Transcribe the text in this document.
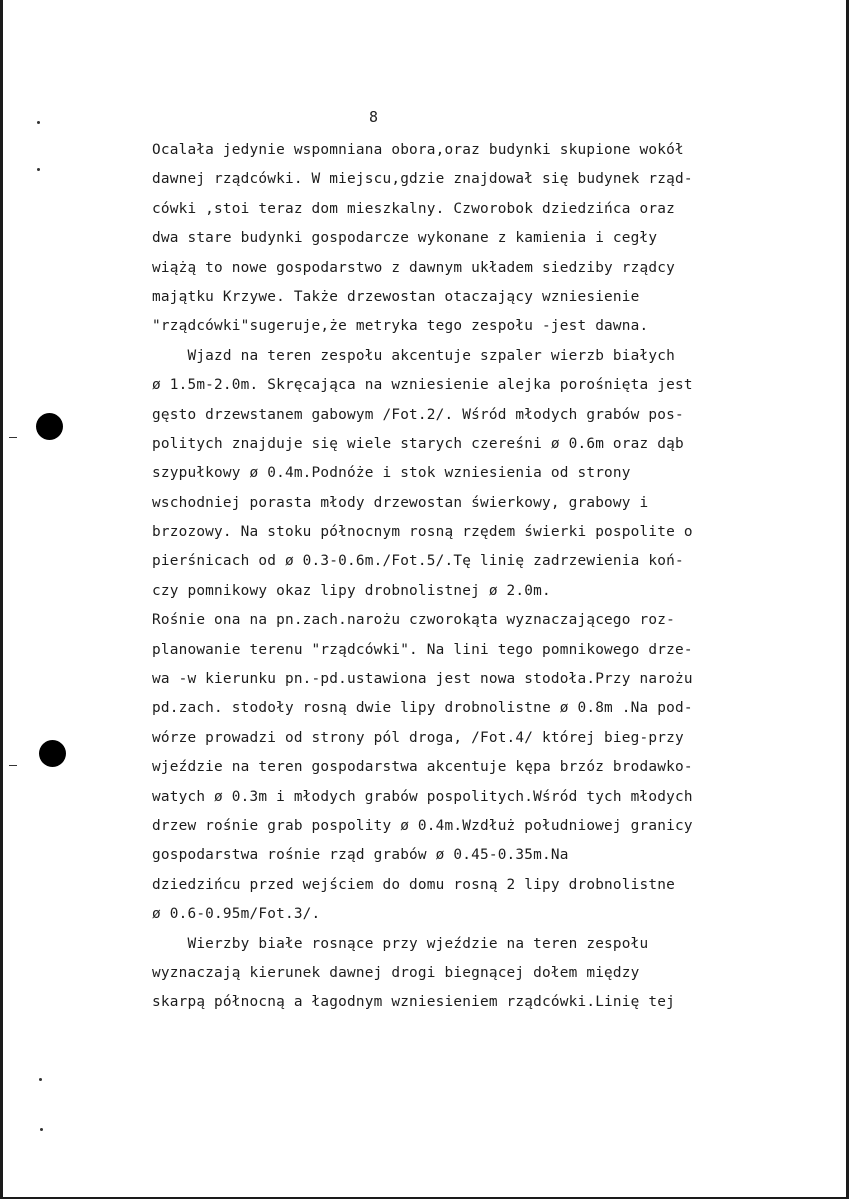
8
Ocalała jedynie wspomniana obora,oraz budynki skupione wokół
dawnej rządcówki. W miejscu,gdzie znajdował się budynek rząd-
cówki ,stoi teraz dom mieszkalny. Czworobok dziedzińca oraz
dwa stare budynki gospodarcze wykonane z kamienia i cegły
wiążą to nowe gospodarstwo z dawnym układem siedziby rządcy
majątku Krzywe. Także drzewostan otaczający wzniesienie
"rządcówki"sugeruje,że metryka tego zespołu -jest dawna.
Wjazd na teren zespołu akcentuje szpaler wierzb białych
ø 1.5m-2.0m. Skręcająca na wzniesienie alejka porośnięta jest
gęsto drzewstanem gabowym /Fot.2/. Wśród młodych grabów pos-
politych znajduje się wiele starych czereśni ø 0.6m oraz dąb
szypułkowy ø 0.4m.Podnóże i stok wzniesienia od strony
wschodniej porasta młody drzewostan świerkowy, grabowy i
brzozowy. Na stoku północnym rosną rzędem świerki pospolite o
pierśnicach od ø 0.3-0.6m./Fot.5/.Tę linię zadrzewienia koń-
czy pomnikowy okaz lipy drobnolistnej ø 2.0m.
Rośnie ona na pn.zach.narożu czworokąta wyznaczającego roz-
planowanie terenu "rządcówki". Na lini tego pomnikowego drze-
wa -w kierunku pn.-pd.ustawiona jest nowa stodoła.Przy narożu
pd.zach. stodoły rosną dwie lipy drobnolistne ø 0.8m .Na pod-
wórze prowadzi od strony pól droga, /Fot.4/ której bieg-przy
wjeździe na teren gospodarstwa akcentuje kępa brzóz brodawko-
watych ø 0.3m i młodych grabów pospolitych.Wśród tych młodych
drzew rośnie grab pospolity ø 0.4m.Wzdłuż południowej granicy
gospodarstwa rośnie rząd grabów ø 0.45-0.35m.Na
dziedzińcu przed wejściem do domu rosną 2 lipy drobnolistne
ø 0.6-0.95m/Fot.3/.
Wierzby białe rosnące przy wjeździe na teren zespołu
wyznaczają kierunek dawnej drogi biegnącej dołem między
skarpą północną a łagodnym wzniesieniem rządcówki.Linię tej
